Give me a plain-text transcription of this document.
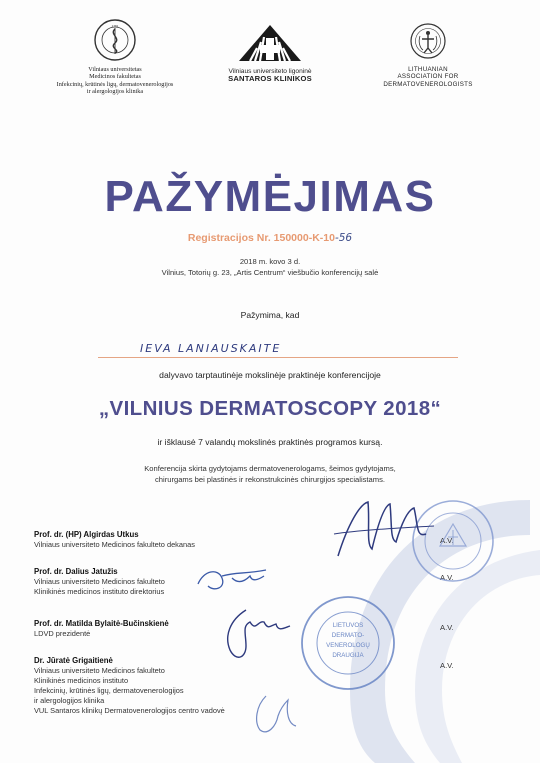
1781
Vilniaus universitetas
Medicinos fakultetas
Infekcinių, krūtinės ligų, dermatovenerologijos
ir alergologijos klinika
Vilniaus universiteto ligoninė
SANTAROS KLINIKOS
LITHUANIAN
ASSOCIATION FOR
DERMATOVENEROLOGISTS
PAŽYMĖJIMAS
Registracijos Nr. 150000-K-10-56
2018 m. kovo 3 d.
Vilnius, Totorių g. 23, „Artis Centrum“ viešbučio konferencijų salė
Pažymima, kad
IEVA LANIAUSKAITE
dalyvavo tarptautinėje mokslinėje praktinėje konferencijoje
„VILNIUS DERMATOSCOPY 2018“
ir išklausė 7 valandų mokslinės praktinės programos kursą.
Konferencija skirta gydytojams dermatovenerologams, šeimos gydytojams,
chirurgams bei plastinės ir rekonstrukcinės chirurgijos specialistams.
Prof. dr. (HP) Algirdas Utkus
Vilniaus universiteto Medicinos fakulteto dekanas
Prof. dr. Dalius Jatužis
Vilniaus universiteto Medicinos fakulteto
Klinikinės medicinos instituto direktorius
Prof. dr. Matilda Bylaitė-Bučinskienė
LDVD prezidentė
Dr. Jūratė Grigaitienė
Vilniaus universiteto Medicinos fakulteto
Klinikinės medicinos instituto
Infekcinių, krūtinės ligų, dermatovenerologijos
ir alergologijos klinika
VUL Santaros klinikų Dermatovenerologijos centro vadovė
A.V.
A.V.
A.V.
A.V.
LIETUVOS
DERMATO-
VENEROLOGŲ
DRAUGIJA
